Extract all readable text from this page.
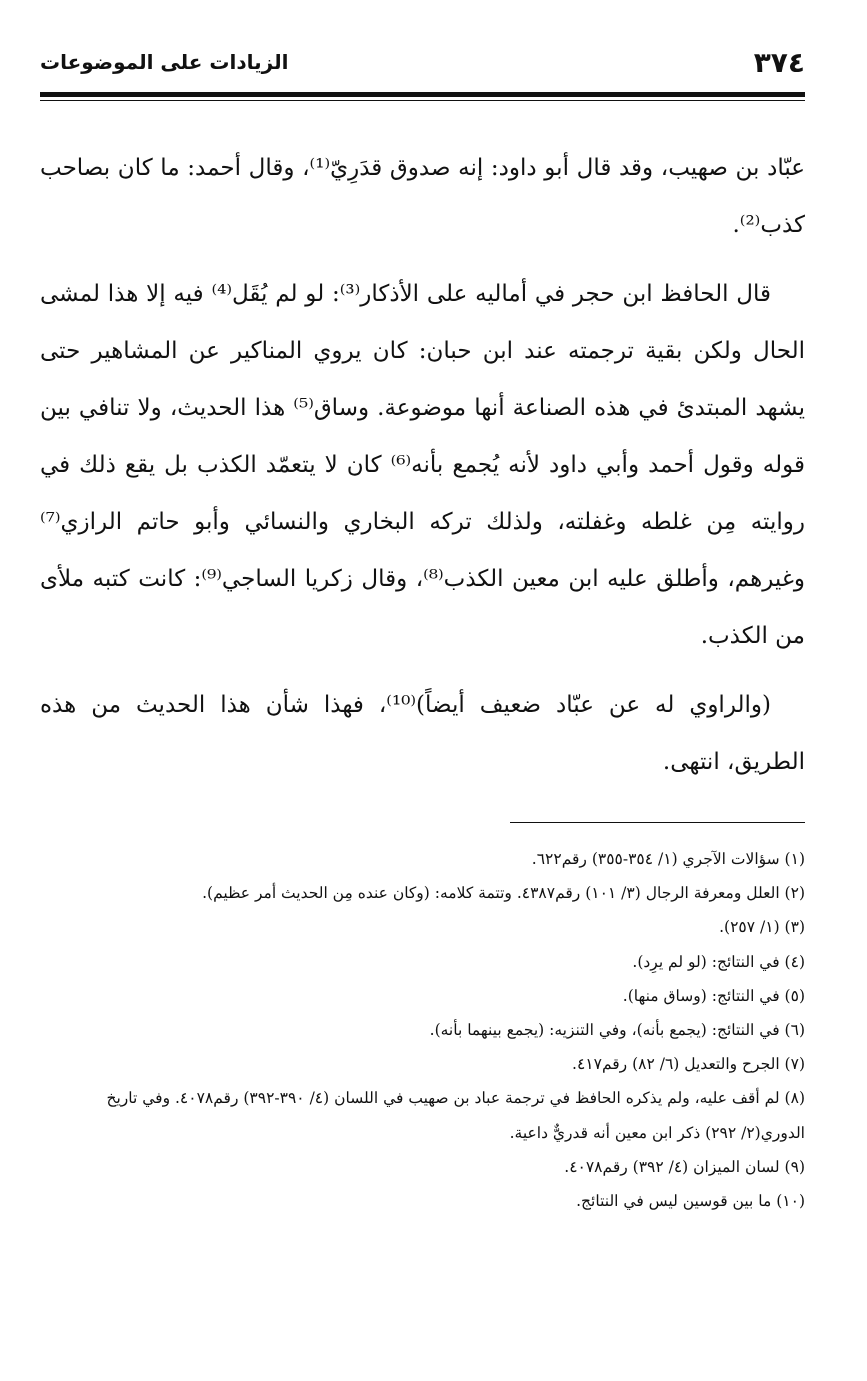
٣٧٤
الزيادات على الموضوعات

عبّاد بن صهيب، وقد قال أبو داود: إنه صدوق قدَرِيّ⁽¹⁾، وقال أحمد: ما كان بصاحب كذب⁽²⁾.

قال الحافظ ابن حجر في أماليه على الأذكار⁽³⁾: لو لم يُقَل⁽⁴⁾ فيه إلا هذا لمشى الحال ولكن بقية ترجمته عند ابن حبان: كان يروي المناكير عن المشاهير حتى يشهد المبتدئ في هذه الصناعة أنها موضوعة. وساق⁽⁵⁾ هذا الحديث، ولا تنافي بين قوله وقول أحمد وأبي داود لأنه يُجمع بأنه⁽⁶⁾ كان لا يتعمّد الكذب بل يقع ذلك في روايته مِن غلطه وغفلته، ولذلك تركه البخاري والنسائي وأبو حاتم الرازي⁽⁷⁾ وغيرهم، وأطلق عليه ابن معين الكذب⁽⁸⁾، وقال زكريا الساجي⁽⁹⁾: كانت كتبه ملأى من الكذب.

(والراوي له عن عبّاد ضعيف أيضاً)⁽¹⁰⁾، فهذا شأن هذا الحديث من هذه الطريق، انتهى.

(١) سؤالات الآجري (١/ ٣٥٤-٣٥٥) رقم٦٢٢.
(٢) العلل ومعرفة الرجال (٣/ ١٠١) رقم٤٣٨٧. وتتمة كلامه: (وكان عنده مِن الحديث أمر عظيم).
(٣) (١/ ٢٥٧).
(٤) في النتائج: (لو لم يرِد).
(٥) في النتائج: (وساق منها).
(٦) في النتائج: (يجمع بأنه)، وفي التنزيه: (يجمع بينهما بأنه).
(٧) الجرح والتعديل (٦/ ٨٢) رقم٤١٧.
(٨) لم أقف عليه، ولم يذكره الحافظ في ترجمة عباد بن صهيب في اللسان (٤/ ٣٩٠-٣٩٢) رقم٤٠٧٨. وفي تاريخ الدوري(٢/ ٢٩٢) ذكر ابن معين أنه قدريٌّ داعية.
(٩) لسان الميزان (٤/ ٣٩٢) رقم٤٠٧٨.
(١٠) ما بين قوسين ليس في النتائج.
